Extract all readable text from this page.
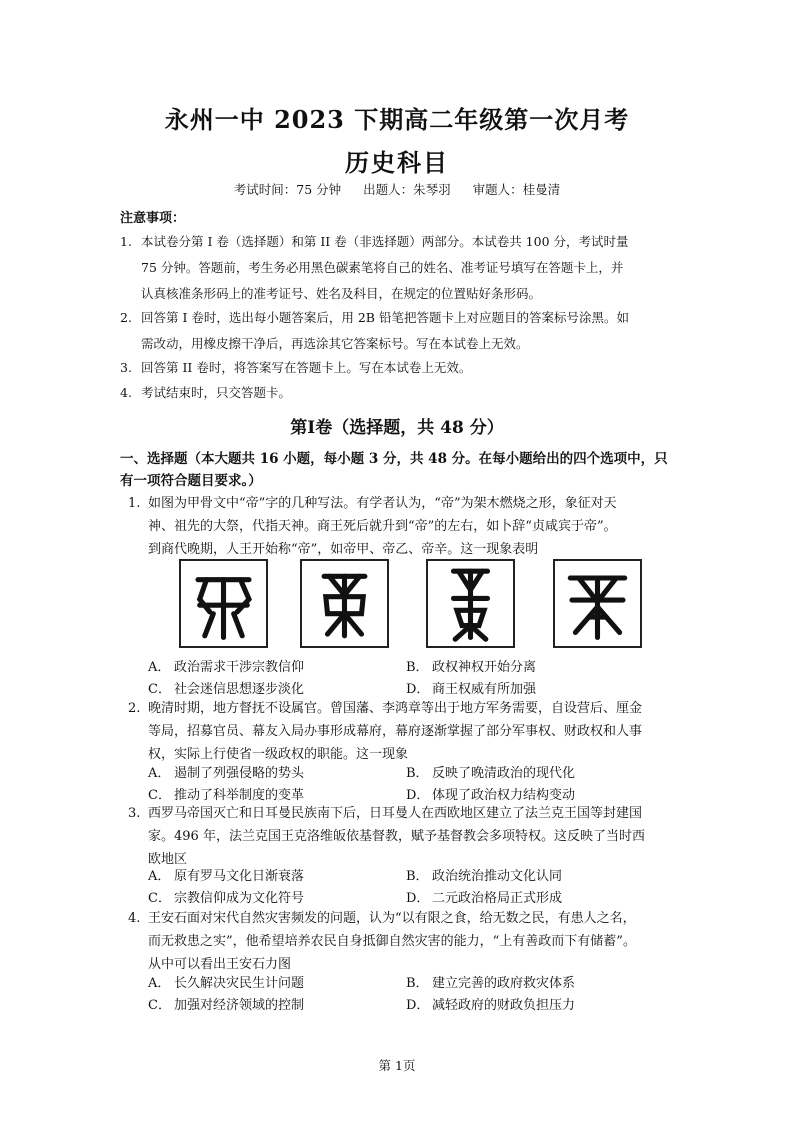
永州一中 2023 下期高二年级第一次月考
历史科目
考试时间：75 分钟 出题人：朱琴羽 审题人：桂曼清
注意事项：
1. 本试卷分第 I 卷（选择题）和第 II 卷（非选择题）两部分。本试卷共 100 分，考试时量
75 分钟。答题前，考生务必用黑色碳素笔将自己的姓名、准考证号填写在答题卡上，并
认真核准条形码上的准考证号、姓名及科目，在规定的位置贴好条形码。
2. 回答第 I 卷时，选出每小题答案后，用 2B 铅笔把答题卡上对应题目的答案标号涂黑。如
需改动，用橡皮擦干净后，再选涂其它答案标号。写在本试卷上无效。
3. 回答第 II 卷时，将答案写在答题卡上。写在本试卷上无效。
4. 考试结束时，只交答题卡。
第Ⅰ卷（选择题，共 48 分）
一、选择题（本大题共 16 小题，每小题 3 分，共 48 分。在每小题给出的四个选项中，只
有一项符合题目要求。）
1. 如图为甲骨文中“帝”字的几种写法。有学者认为，“帝”为架木燃烧之形，象征对天
神、祖先的大祭，代指天神。商王死后就升到“帝”的左右，如卜辞“贞咸宾于帝”。
到商代晚期，人王开始称“帝”，如帝甲、帝乙、帝辛。这一现象表明
A． 政治需求干涉宗教信仰	B． 政权神权开始分离
C． 社会迷信思想逐步淡化	D． 商王权威有所加强
2. 晚清时期，地方督抚不设属官。曾国藩、李鸿章等出于地方军务需要，自设营后、厘金
等局，招募官员、幕友入局办事形成幕府，幕府逐渐掌握了部分军事权、财政权和人事
权，实际上行使省一级政权的职能。这一现象
A． 遏制了列强侵略的势头	B． 反映了晚清政治的现代化
C． 推动了科举制度的变革	D． 体现了政治权力结构变动
3. 西罗马帝国灭亡和日耳曼民族南下后，日耳曼人在西欧地区建立了法兰克王国等封建国
家。496 年，法兰克国王克洛维皈依基督教，赋予基督教会多项特权。这反映了当时西
欧地区
A． 原有罗马文化日渐衰落	B． 政治统治推动文化认同
C． 宗教信仰成为文化符号	D． 二元政治格局正式形成
4. 王安石面对宋代自然灾害频发的问题，认为“以有限之食，给无数之民，有患人之名，
而无救患之实”，他希望培养农民自身抵御自然灾害的能力，“上有善政而下有储蓄”。
从中可以看出王安石力图
A． 长久解决灾民生计问题	B． 建立完善的政府救灾体系
C． 加强对经济领域的控制	D． 减轻政府的财政负担压力
第 1页
